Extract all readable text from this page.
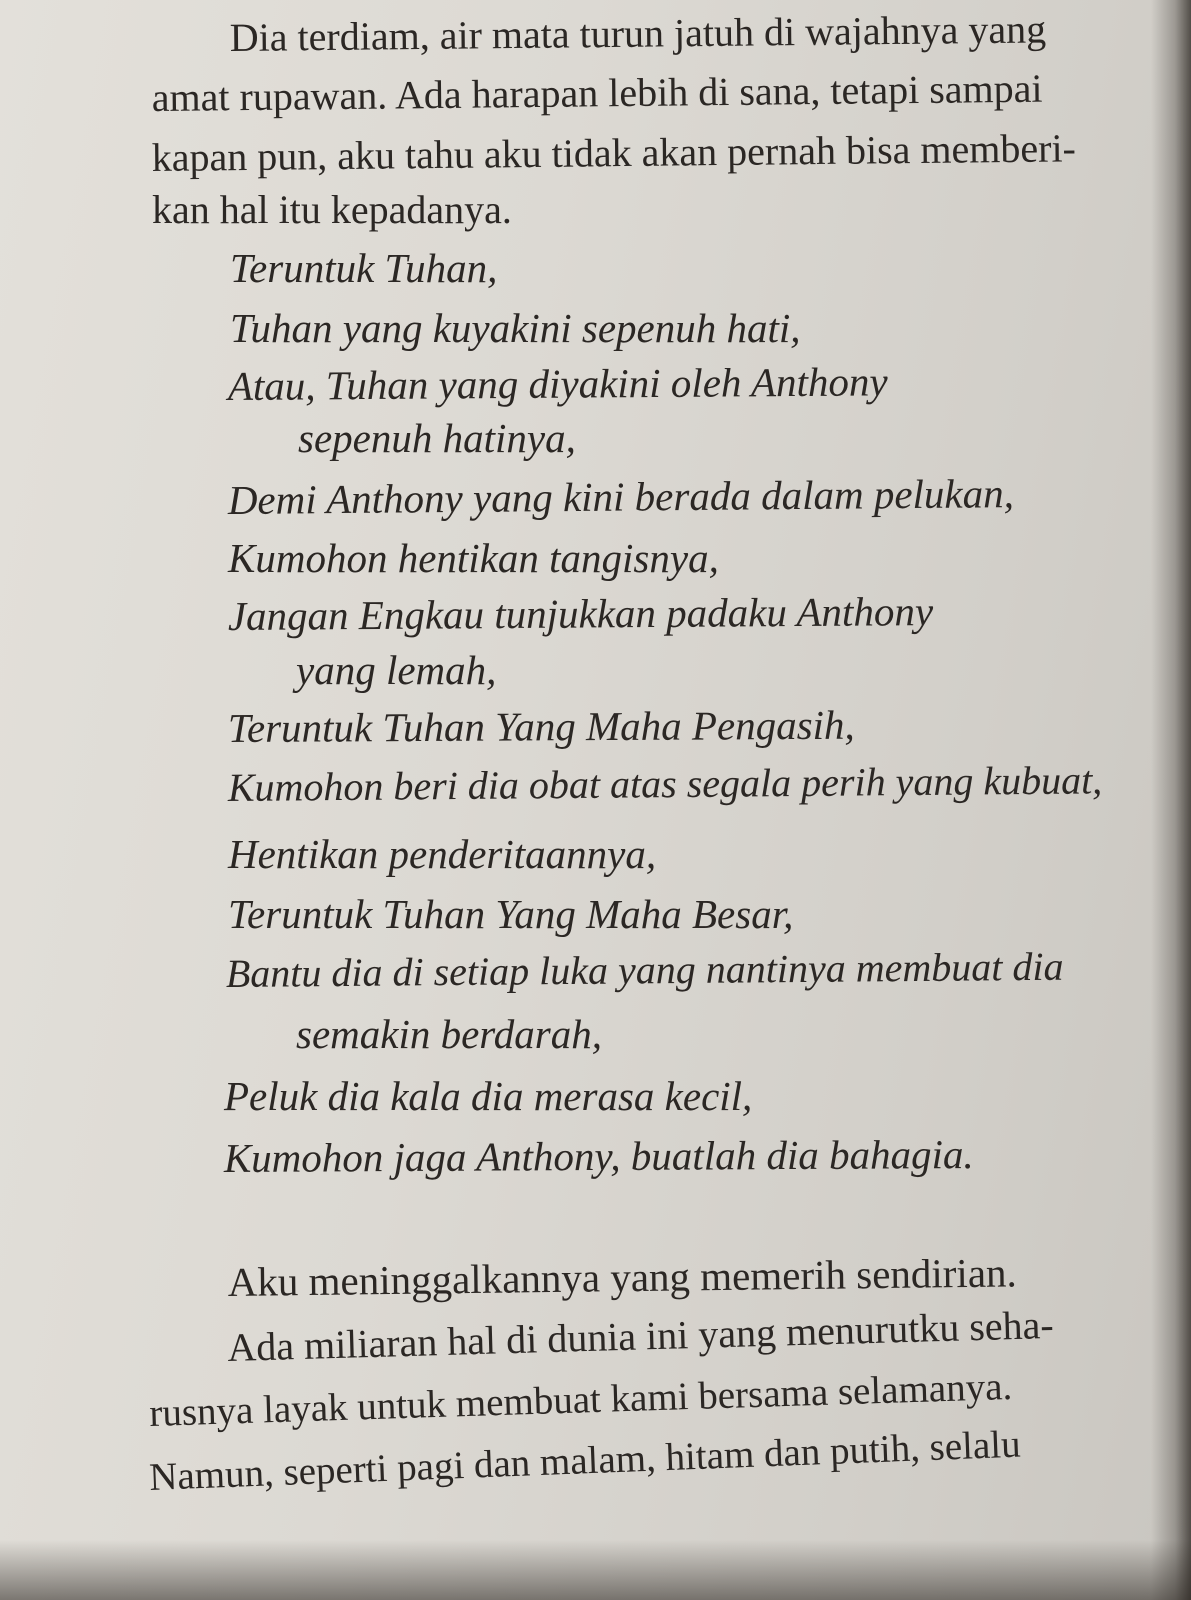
Dia terdiam, air mata turun jatuh di wajahnya yang

amat rupawan. Ada harapan lebih di sana, tetapi sampai

kapan pun, aku tahu aku tidak akan pernah bisa memberi-

kan hal itu kepadanya.

Teruntuk Tuhan,

Tuhan yang kuyakini sepenuh hati,

Atau, Tuhan yang diyakini oleh Anthony

sepenuh hatinya,

Demi Anthony yang kini berada dalam pelukan,

Kumohon hentikan tangisnya,

Jangan Engkau tunjukkan padaku Anthony

yang lemah,

Teruntuk Tuhan Yang Maha Pengasih,

Kumohon beri dia obat atas segala perih yang kubuat,

Hentikan penderitaannya,

Teruntuk Tuhan Yang Maha Besar,

Bantu dia di setiap luka yang nantinya membuat dia

semakin berdarah,

Peluk dia kala dia merasa kecil,

Kumohon jaga Anthony, buatlah dia bahagia.

Aku meninggalkannya yang memerih sendirian.

Ada miliaran hal di dunia ini yang menurutku seha-

rusnya layak untuk membuat kami bersama selamanya.

Namun, seperti pagi dan malam, hitam dan putih, selalu
